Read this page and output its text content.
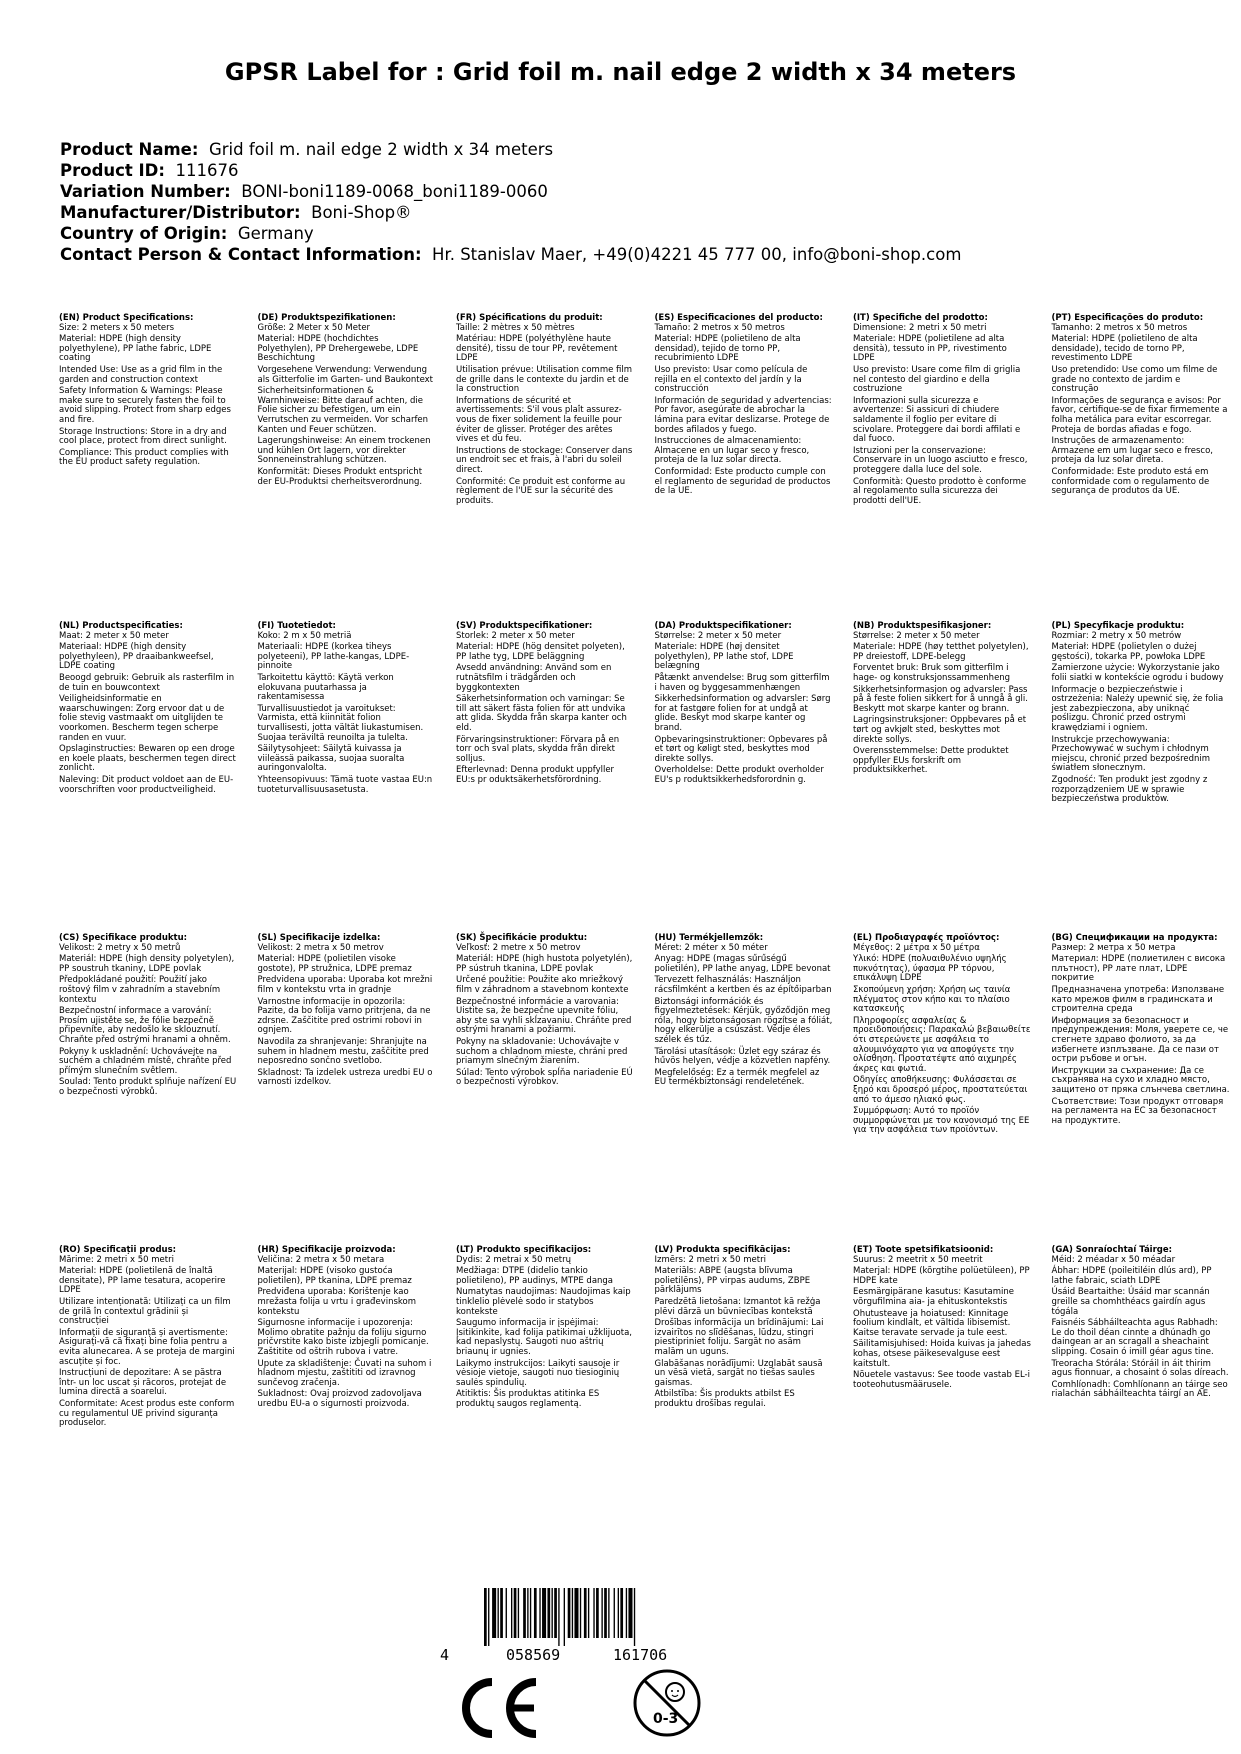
GPSR Label for : Grid foil m. nail edge 2 width x 34 meters
Product Name: Grid foil m. nail edge 2 width x 34 meters
Product ID: 111676
Variation Number: BONI-boni1189-0068_boni1189-0060
Manufacturer/Distributor: Boni-Shop®
Country of Origin: Germany
Contact Person & Contact Information: Hr. Stanislav Maer, +49(0)4221 45 777 00, info@boni-shop.com
(EN) Product Specifications:
Size: 2 meters x 50 meters
Material: HDPE (high density polyethylene), PP lathe fabric, LDPE coating
Intended Use: Use as a grid film in the garden and construction context
Safety Information & Warnings: Please make sure to securely fasten the foil to avoid slipping. Protect from sharp edges and fire.
Storage Instructions: Store in a dry and cool place, protect from direct sunlight.
Compliance: This product complies with the EU product safety regulation.
(DE) Produktspezifikationen:
Größe: 2 Meter x 50 Meter
Material: HDPE (hochdichtes Polyethylen), PP Drehergewebe, LDPE Beschichtung
Vorgesehene Verwendung: Verwendung als Gitterfolie im Garten- und Baukontext
Sicherheitsinformationen & Warnhinweise: Bitte darauf achten, die Folie sicher zu befestigen, um ein Verrutschen zu vermeiden. Vor scharfen Kanten und Feuer schützen.
Lagerungshinweise: An einem trockenen und kühlen Ort lagern, vor direkter Sonneneinstrahlung schützen.
Konformität: Dieses Produkt entspricht der EU-Produktsi cherheitsverordnung.
(FR) Spécifications du produit:
Taille: 2 mètres x 50 mètres
Matériau: HDPE (polyéthylène haute densité), tissu de tour PP, revêtement LDPE
Utilisation prévue: Utilisation comme film de grille dans le contexte du jardin et de la construction
Informations de sécurité et avertissements: S'il vous plaît assurez-vous de fixer solidement la feuille pour éviter de glisser. Protéger des arêtes vives et du feu.
Instructions de stockage: Conserver dans un endroit sec et frais, à l'abri du soleil direct.
Conformité: Ce produit est conforme au règlement de l'UE sur la sécurité des produits.
(ES) Especificaciones del producto:
Tamaño: 2 metros x 50 metros
Material: HDPE (polietileno de alta densidad), tejido de torno PP, recubrimiento LDPE
Uso previsto: Usar como película de rejilla en el contexto del jardín y la construcción
Información de seguridad y advertencias: Por favor, asegúrate de abrochar la lámina para evitar deslizarse. Protege de bordes afilados y fuego.
Instrucciones de almacenamiento: Almacene en un lugar seco y fresco, proteja de la luz solar directa.
Conformidad: Este producto cumple con el reglamento de seguridad de productos de la UE.
(IT) Specifiche del prodotto:
Dimensione: 2 metri x 50 metri
Materiale: HDPE (polietilene ad alta densità), tessuto in PP, rivestimento LDPE
Uso previsto: Usare come film di griglia nel contesto del giardino e della costruzione
Informazioni sulla sicurezza e avvertenze: Si assicuri di chiudere saldamente il foglio per evitare di scivolare. Proteggere dai bordi affilati e dal fuoco.
Istruzioni per la conservazione: Conservare in un luogo asciutto e fresco, proteggere dalla luce del sole.
Conformità: Questo prodotto è conforme al regolamento sulla sicurezza dei prodotti dell'UE.
(PT) Especificações do produto:
Tamanho: 2 metros x 50 metros
Material: HDPE (polietileno de alta densidade), tecido de torno PP, revestimento LDPE
Uso pretendido: Use como um filme de grade no contexto de jardim e construção
Informações de segurança e avisos: Por favor, certifique-se de fixar firmemente a folha metálica para evitar escorregar. Proteja de bordas afiadas e fogo.
Instruções de armazenamento: Armazene em um lugar seco e fresco, proteja da luz solar direta.
Conformidade: Este produto está em conformidade com o regulamento de segurança de produtos da UE.
(NL) Productspecificaties:
Maat: 2 meter x 50 meter
Materiaal: HDPE (high density polyethyleen), PP draaibankweefsel, LDPE coating
Beoogd gebruik: Gebruik als rasterfilm in de tuin en bouwcontext
Veiligheidsinformatie en waarschuwingen: Zorg ervoor dat u de folie stevig vastmaakt om uitglijden te voorkomen. Bescherm tegen scherpe randen en vuur.
Opslaginstructies: Bewaren op een droge en koele plaats, beschermen tegen direct zonlicht.
Naleving: Dit product voldoet aan de EU-voorschriften voor productveiligheid.
(FI) Tuotetiedot:
Koko: 2 m x 50 metriä
Materiaali: HDPE (korkea tiheys polyeteeni), PP lathe-kangas, LDPE-pinnoite
Tarkoitettu käyttö: Käytä verkon elokuvana puutarhassa ja rakentamisessa
Turvallisuustiedot ja varoitukset: Varmista, että kiinnität folion turvallisesti, jotta vältät liukastumisen. Suojaa teräviltä reunoilta ja tulelta.
Säilytysohjeet: Säilytä kuivassa ja viileässä paikassa, suojaa suoralta auringonvalolta.
Yhteensopivuus: Tämä tuote vastaa EU:n tuoteturvallisuusasetusta.
(SV) Produktspecifikationer:
Storlek: 2 meter x 50 meter
Material: HDPE (hög densitet polyeten), PP lathe tyg, LDPE beläggning
Avsedd användning: Använd som en rutnätsfilm i trädgården och byggkontexten
Säkerhetsinformation och varningar: Se till att säkert fästa folien för att undvika att glida. Skydda från skarpa kanter och eld.
Förvaringsinstruktioner: Förvara på en torr och sval plats, skydda från direkt solljus.
Efterlevnad: Denna produkt uppfyller EU:s pr oduktsäkerhetsförordning.
(DA) Produktspecifikationer:
Størrelse: 2 meter x 50 meter
Materiale: HDPE (høj densitet polyethylen), PP lathe stof, LDPE belægning
Påtænkt anvendelse: Brug som gitterfilm i haven og byggesammenhængen
Sikkerhedsinformation og advarsler: Sørg for at fastgøre folien for at undgå at glide. Beskyt mod skarpe kanter og brand.
Opbevaringsinstruktioner: Opbevares på et tørt og køligt sted, beskyttes mod direkte sollys.
Overholdelse: Dette produkt overholder EU's p roduktsikkerhedsforordnin g.
(NB) Produktspesifikasjoner:
Størrelse: 2 meter x 50 meter
Materiale: HDPE (høy tetthet polyetylen), PP dreiestoff, LDPE-belegg
Forventet bruk: Bruk som gitterfilm i hage- og konstruksjonssammenheng
Sikkerhetsinformasjon og advarsler: Pass på å feste folien sikkert for å unngå å gli. Beskytt mot skarpe kanter og brann.
Lagringsinstruksjoner: Oppbevares på et tørt og avkjølt sted, beskyttes mot direkte sollys.
Overensstemmelse: Dette produktet oppfyller EUs forskrift om produktsikkerhet.
(PL) Specyfikacje produktu:
Rozmiar: 2 metry x 50 metrów
Materiał: HDPE (polietylen o dużej gęstości), tokarka PP, powłoka LDPE
Zamierzone użycie: Wykorzystanie jako folii siatki w kontekście ogrodu i budowy
Informacje o bezpieczeństwie i ostrzeżenia: Należy upewnić się, że folia jest zabezpieczona, aby uniknąć poślizgu. Chronić przed ostrymi krawędziami i ogniem.
Instrukcje przechowywania: Przechowywać w suchym i chłodnym miejscu, chronić przed bezpośrednim światłem słonecznym.
Zgodność: Ten produkt jest zgodny z rozporządzeniem UE w sprawie bezpieczeństwa produktów.
(CS) Specifikace produktu:
Velikost: 2 metry x 50 metrů
Materiál: HDPE (high density polyetylen), PP soustruh tkaniny, LDPE povlak
Předpokládané použití: Použití jako roštový film v zahradním a stavebním kontextu
Bezpečnostní informace a varování: Prosím ujistěte se, že fólie bezpečně připevníte, aby nedošlo ke sklouznutí. Chraňte před ostrými hranami a ohněm.
Pokyny k uskladnění: Uchovávejte na suchém a chladném místě, chraňte před přímým slunečním světlem.
Soulad: Tento produkt splňuje nařízení EU o bezpečnosti výrobků.
(SL) Specifikacije izdelka:
Velikost: 2 metra x 50 metrov
Material: HDPE (polietilen visoke gostote), PP stružnica, LDPE premaz
Predvidena uporaba: Uporaba kot mrežni film v kontekstu vrta in gradnje
Varnostne informacije in opozorila: Pazite, da bo folija varno pritrjena, da ne zdrsne. Zaščitite pred ostrimi robovi in ognjem.
Navodila za shranjevanje: Shranjujte na suhem in hladnem mestu, zaščitite pred neposredno sončno svetlobo.
Skladnost: Ta izdelek ustreza uredbi EU o varnosti izdelkov.
(SK) Špecifikácie produktu:
Veľkosť: 2 metre x 50 metrov
Materiál: HDPE (high hustota polyetylén), PP sústruh tkanina, LDPE povlak
Určené použitie: Použite ako mriežkový film v záhradnom a stavebnom kontexte
Bezpečnostné informácie a varovania: Uistite sa, že bezpečne upevnite fóliu, aby ste sa vyhli skĺzavaniu. Chráňte pred ostrými hranami a požiarmi.
Pokyny na skladovanie: Uchovávajte v suchom a chladnom mieste, chráni pred priamym slnečným žiarením.
Súlad: Tento výrobok spĺňa nariadenie EÚ o bezpečnosti výrobkov.
(HU) Termékjellemzők:
Méret: 2 méter x 50 méter
Anyag: HDPE (magas sűrűségű polietilén), PP lathe anyag, LDPE bevonat
Tervezett felhasználás: Használjon rácsfilmként a kertben és az építőiparban
Biztonsági információk és figyelmeztetések: Kérjük, győződjön meg róla, hogy biztonságosan rögzítse a fóliát, hogy elkerülje a csúszást. Védje éles szélek és tűz.
Tárolási utasítások: Üzlet egy száraz és hűvös helyen, védje a közvetlen napfény.
Megfelelőség: Ez a termék megfelel az EU termékbiztonsági rendeletének.
(EL) Προδιαγραφές προϊόντος:
Μέγεθος: 2 μέτρα x 50 μέτρα
Υλικό: HDPE (πολυαιθυλένιο υψηλής πυκνότητας), ύφασμα PP τόρνου, επικάλυψη LDPE
Σκοπούμενη χρήση: Χρήση ως ταινία πλέγματος στον κήπο και το πλαίσιο κατασκευής
Πληροφορίες ασφαλείας & προειδοποιήσεις: Παρακαλώ βεβαιωθείτε ότι στερεώνετε με ασφάλεια το αλουμινόχαρτο για να αποφύγετε την ολίσθηση. Προστατέψτε από αιχμηρές άκρες και φωτιά.
Οδηγίες αποθήκευσης: Φυλάσσεται σε ξηρό και δροσερό μέρος, προστατεύεται από το άμεσο ηλιακό φως.
Συμμόρφωση: Αυτό το προϊόν συμμορφώνεται με τον κανονισμό της ΕΕ για την ασφάλεια των προϊόντων.
(BG) Спецификации на продукта:
Размер: 2 метра x 50 метра
Материал: HDPE (полиетилен с висока плътност), PP лате плат, LDPE покритие
Предназначена употреба: Използване като мрежов филм в градинската и строителна среда
Информация за безопасност и предупреждения: Моля, уверете се, че стегнете здраво фолиото, за да избегнете изплъзване. Да се пази от остри ръбове и огън.
Инструкции за съхранение: Да се съхранява на сухо и хладно място, защитено от пряка слънчева светлина.
Съответствие: Този продукт отговаря на регламента на ЕС за безопасност на продуктите.
(RO) Specificații produs:
Mărime: 2 metri x 50 metri
Material: HDPE (polietilenă de înaltă densitate), PP lame tesatura, acoperire LDPE
Utilizare intenționată: Utilizați ca un film de grilă în contextul grădinii și construcției
Informații de siguranță și avertismente: Asigurați-vă că fixați bine folia pentru a evita alunecarea. A se proteja de margini ascuțite și foc.
Instrucțiuni de depozitare: A se păstra într- un loc uscat și răcoros, protejat de lumina directă a soarelui.
Conformitate: Acest produs este conform cu regulamentul UE privind siguranța produselor.
(HR) Specifikacije proizvoda:
Veličina: 2 metra x 50 metara
Materijal: HDPE (visoko gustoća polietilen), PP tkanina, LDPE premaz
Predviđena uporaba: Korištenje kao mrežasta folija u vrtu i građevinskom kontekstu
Sigurnosne informacije i upozorenja: Molimo obratite pažnju da foliju sigurno pričvrstite kako biste izbjegli pomicanje. Zaštitite od oštrih rubova i vatre.
Upute za skladištenje: Čuvati na suhom i hladnom mjestu, zaštititi od izravnog sunčevog zračenja.
Sukladnost: Ovaj proizvod zadovoljava uredbu EU-a o sigurnosti proizvoda.
(LT) Produkto specifikacijos:
Dydis: 2 metrai x 50 metrų
Medžiaga: DTPE (didelio tankio polietileno), PP audinys, MTPE danga
Numatytas naudojimas: Naudojimas kaip tinklelio plėvelė sodo ir statybos kontekste
Saugumo informacija ir įspėjimai: Įsitikinkite, kad folija patikimai užklijuota, kad nepaslystų. Saugoti nuo aštrių briaunų ir ugnies.
Laikymo instrukcijos: Laikyti sausoje ir vėsioje vietoje, saugoti nuo tiesioginių saulės spindulių.
Atitiktis: Šis produktas atitinka ES produktų saugos reglamentą.
(LV) Produkta specifikācijas:
Izmērs: 2 metri x 50 metri
Materiāls: ABPE (augsta blīvuma polietilēns), PP virpas audums, ZBPE pārklājums
Paredzētā lietošana: Izmantot kā režģa plēvi dārzā un būvniecības kontekstā
Drošības informācija un brīdinājumi: Lai izvairītos no slīdēšanas, lūdzu, stingri piestipriniet foliju. Sargāt no asām malām un uguns.
Glabāšanas norādījumi: Uzglabāt sausā un vēsā vietā, sargāt no tiešas saules gaismas.
Atbilstība: Šis produkts atbilst ES produktu drošības regulai.
(ET) Toote spetsifikatsioonid:
Suurus: 2 meetrit x 50 meetrit
Materjal: HDPE (kõrgtihe polüetüleen), PP HDPE kate
Eesmärgipärane kasutus: Kasutamine võrgufilmina aia- ja ehituskontekstis
Ohutusteave ja hoiatused: Kinnitage foolium kindlalt, et vältida libisemist. Kaitse teravate servade ja tule eest.
Säilitamisjuhised: Hoida kuivas ja jahedas kohas, otsese päikesevalguse eest kaitstult.
Nõuetele vastavus: See toode vastab EL-i tooteohutusmäärusele.
(GA) Sonraíochtaí Táirge:
Méid: 2 méadar x 50 méadar
Ábhar: HDPE (poileitiléin dlús ard), PP lathe fabraic, sciath LDPE
Úsáid Beartaithe: Úsáid mar scannán greille sa chomhthéacs gairdín agus tógála
Faisnéis Sábháilteachta agus Rabhadh: Le do thoil déan cinnte a dhúnadh go daingean ar an scragall a sheachaint slipping. Cosain ó imill géar agus tine.
Treoracha Stórála: Stóráil in áit thirim agus fionnuar, a chosaint ó solas díreach.
Comhlíonadh: Comhlíonann an táirge seo rialachán sábháilteachta táirgí an AE.
4	058569	161706
0-3
